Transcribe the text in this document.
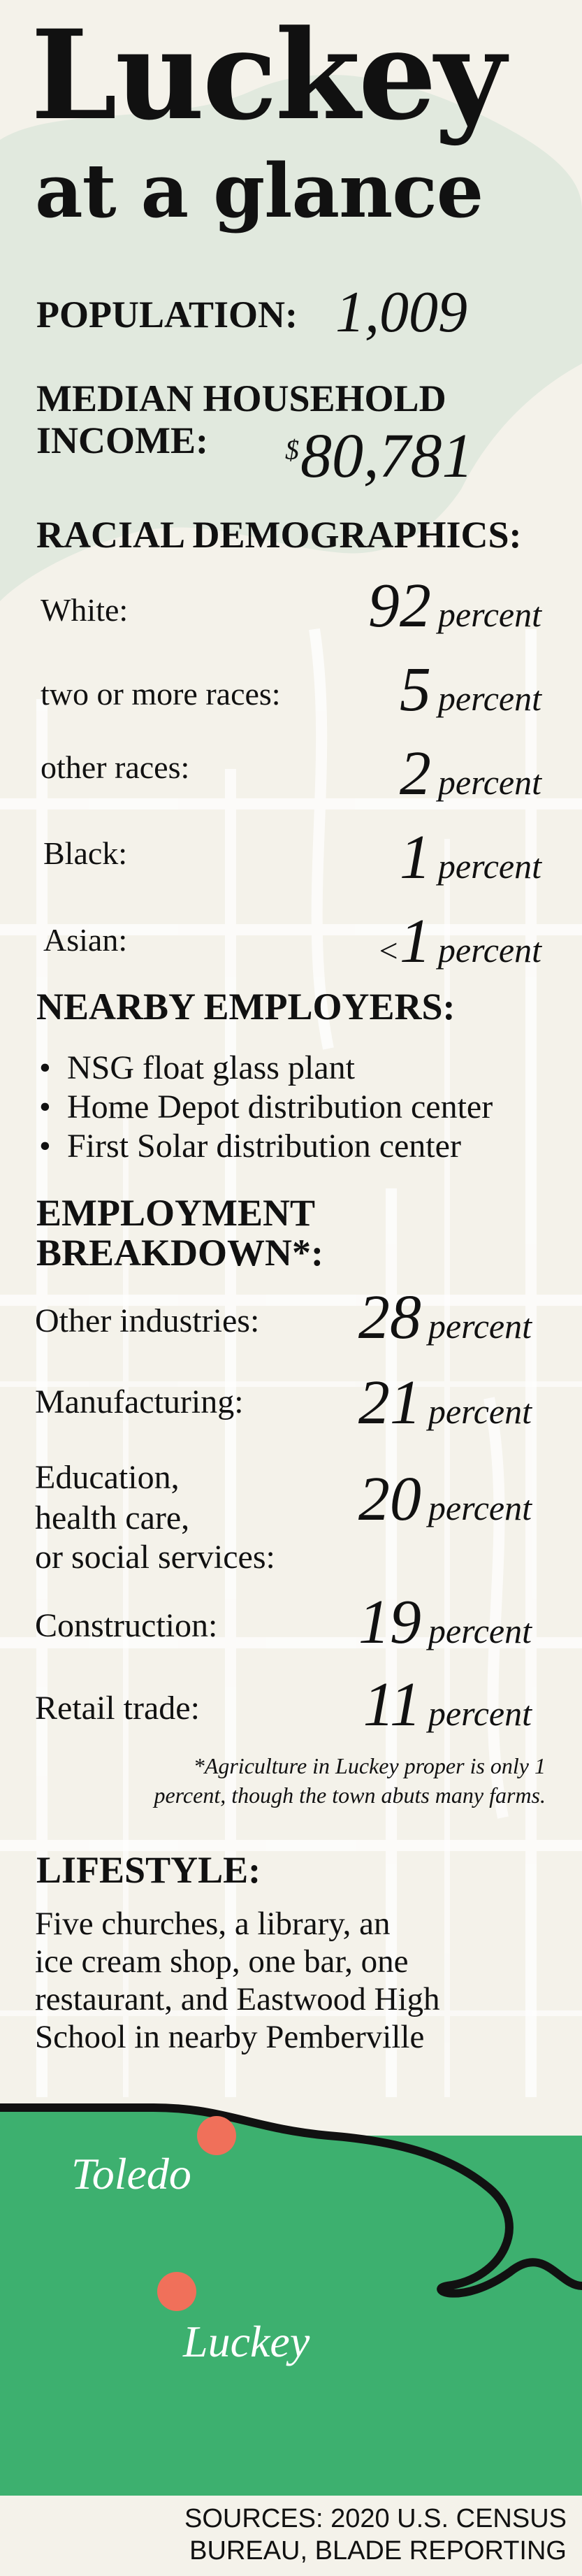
Luckey
at a glance
POPULATION: 1,009
MEDIAN HOUSEHOLD
INCOME:	$ 80,781
RACIAL DEMOGRAPHICS:
White:	92 percent
two or more races: 5 percent
other races:	2 percent
Black:	1 percent
Asian:	< 1 percent
NEARBY EMPLOYERS:
• NSG float glass plant
• Home Depot distribution center
• First Solar distribution center
EMPLOYMENT
BREAKDOWN*:
Other industries: 28 percent
Manufacturing: 21 percent
Education,
health care,
or social services:
20 percent
Construction: 19 percent
Retail trade:	11 percent
*Agriculture in Luckey proper is only 1
percent, though the town abuts many farms.
LIFESTYLE:
Five churches, a library, an
ice cream shop, one bar, one
restaurant, and Eastwood High
School in nearby Pemberville
Toledo
Luckey
SOURCES: 2020 U.S. CENSUS
BUREAU, BLADE REPORTING
